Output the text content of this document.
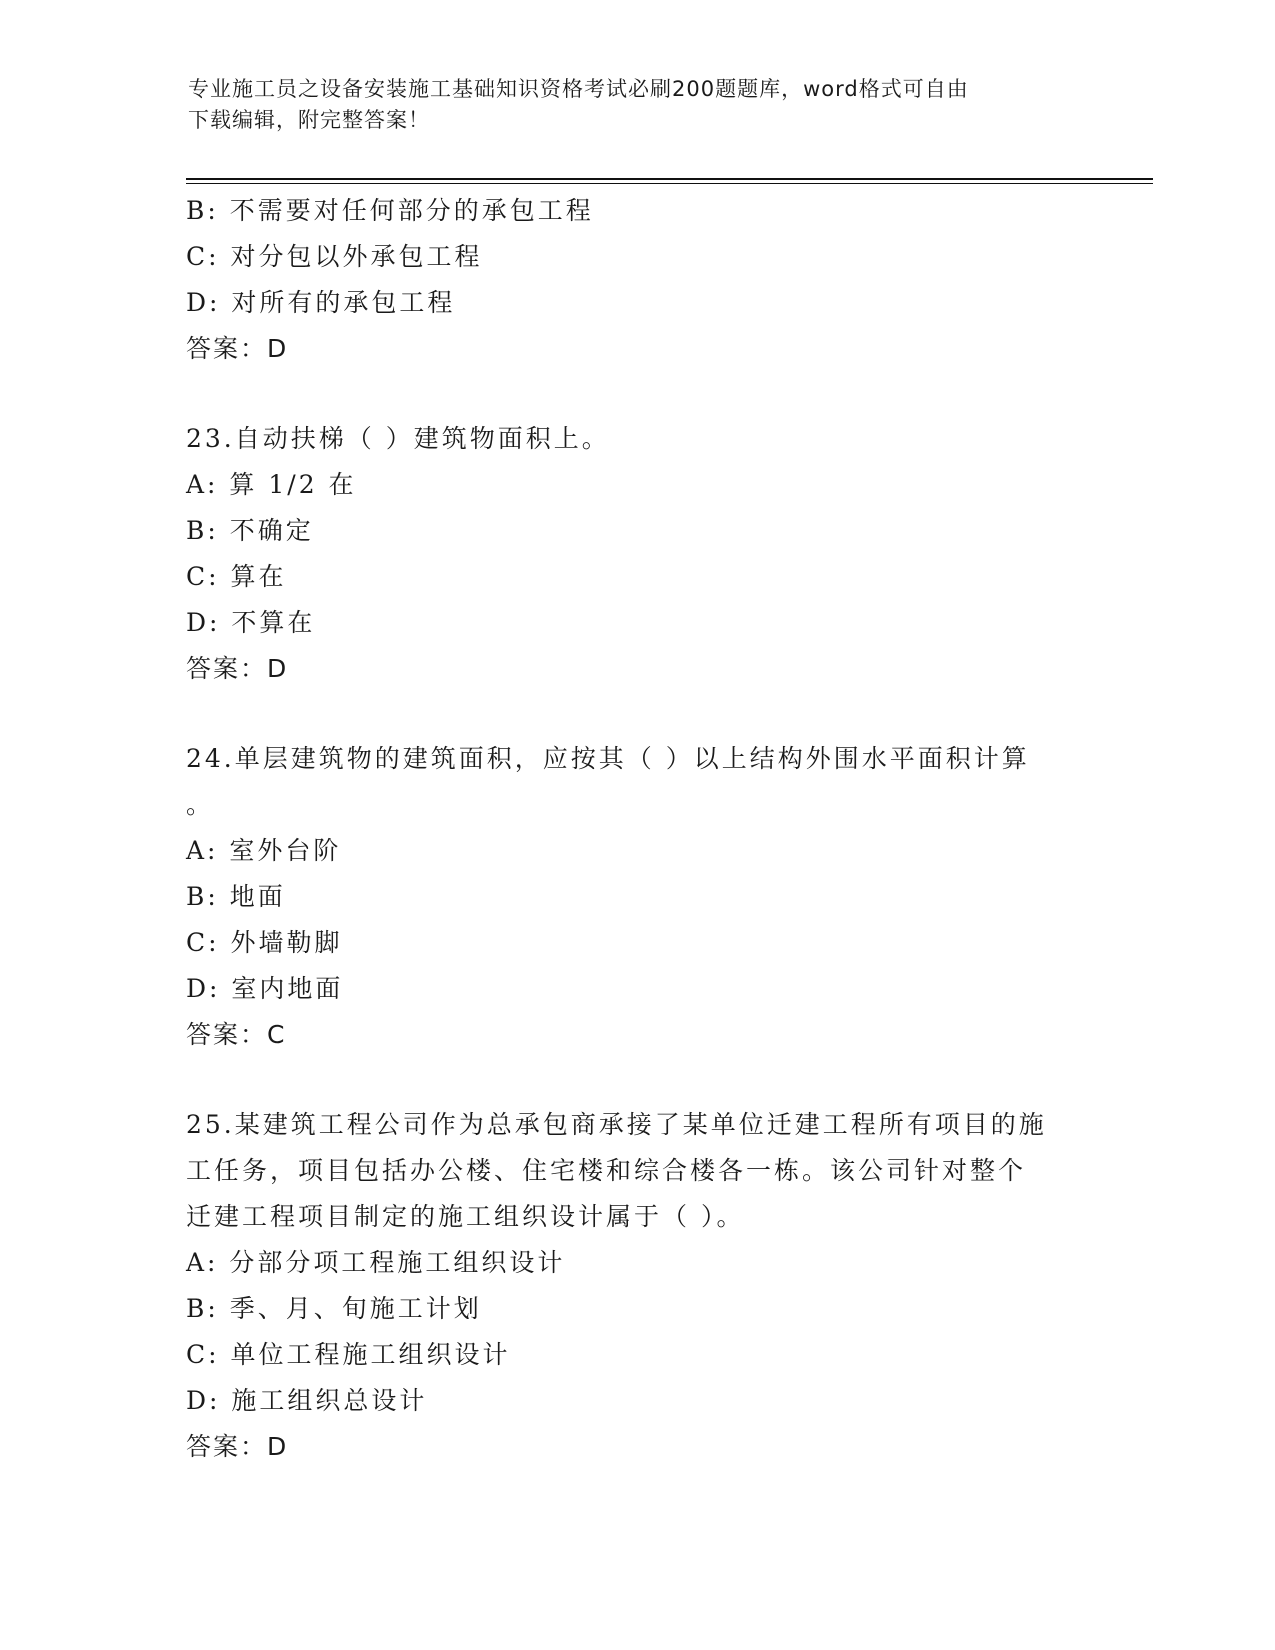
专业施工员之设备安装施工基础知识资格考试必刷200题题库，word格式可自由
下载编辑，附完整答案！
B: 不需要对任何部分的承包工程
C: 对分包以外承包工程
D: 对所有的承包工程
答案：D
23.自动扶梯（ ）建筑物面积上。
A: 算 1/2 在
B: 不确定
C: 算在
D: 不算在
答案：D
24.单层建筑物的建筑面积，应按其（ ）以上结构外围水平面积计算
。
A: 室外台阶
B: 地面
C: 外墙勒脚
D: 室内地面
答案：C
25.某建筑工程公司作为总承包商承接了某单位迁建工程所有项目的施
工任务，项目包括办公楼、住宅楼和综合楼各一栋。该公司针对整个
迁建工程项目制定的施工组织设计属于（ ）。
A: 分部分项工程施工组织设计
B: 季、月、旬施工计划
C: 单位工程施工组织设计
D: 施工组织总设计
答案：D
